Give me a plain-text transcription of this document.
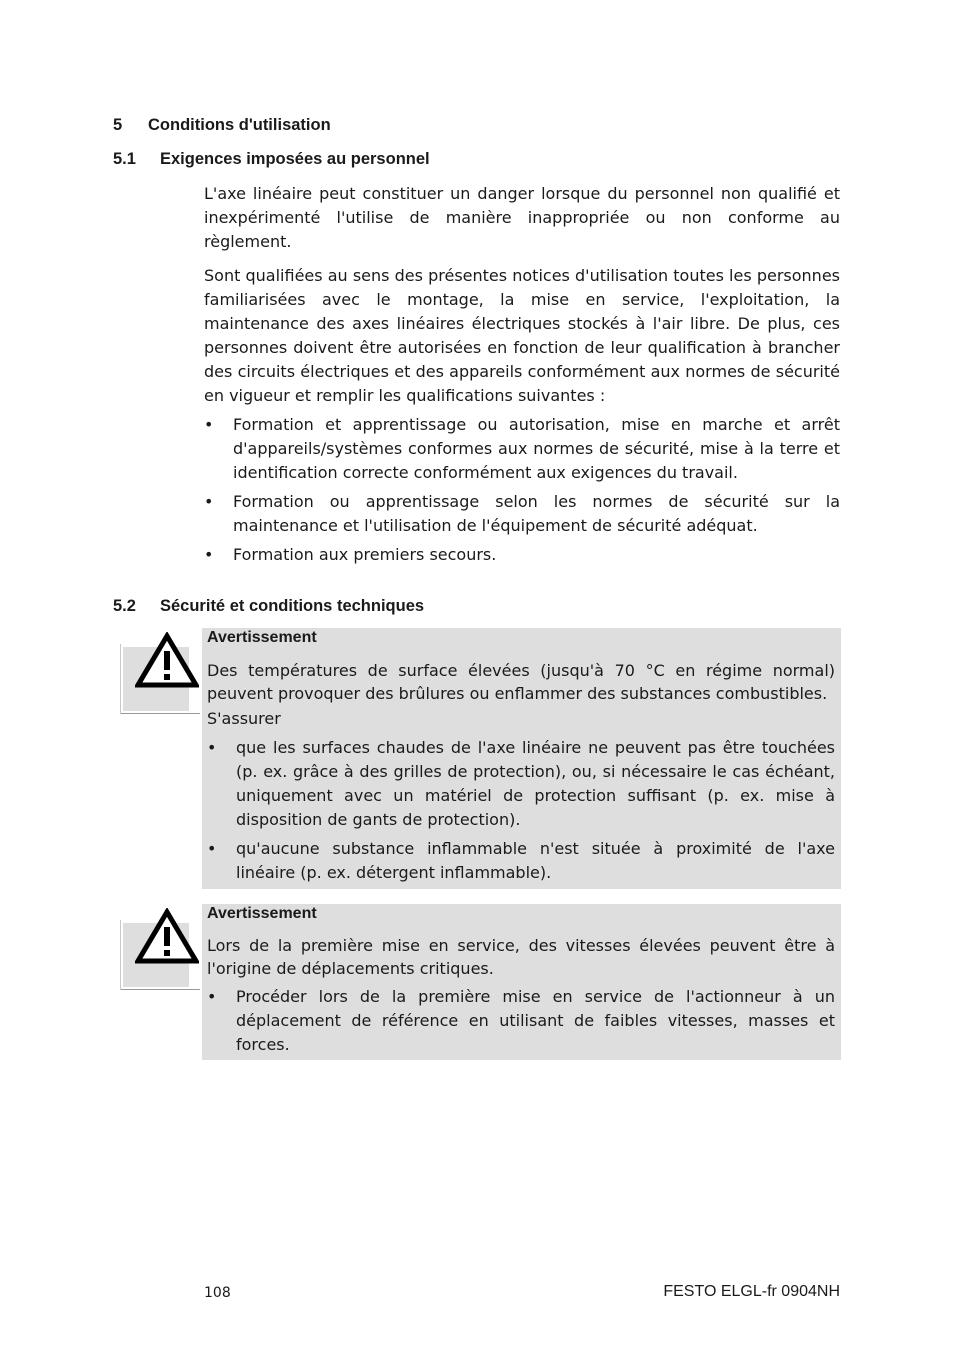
5 Conditions d'utilisation
5.1 Exigences imposées au personnel

L'axe linéaire peut constituer un danger lorsque du personnel non qualifié et inexpérimenté l'utilise de manière inappropriée ou non conforme au règlement.

Sont qualifiées au sens des présentes notices d'utilisation toutes les personnes familiarisées avec le montage, la mise en service, l'exploitation, la maintenance des axes linéaires électriques stockés à l'air libre. De plus, ces personnes doivent être autorisées en fonction de leur qualification à brancher des circuits électriques et des appareils conformément aux normes de sécurité en vigueur et remplir les qualifications suivantes :

• Formation et apprentissage ou autorisation, mise en marche et arrêt d'appareils/systèmes conformes aux normes de sécurité, mise à la terre et identification correcte conformément aux exigences du travail.
• Formation ou apprentissage selon les normes de sécurité sur la maintenance et l'utilisation de l'équipement de sécurité adéquat.
• Formation aux premiers secours.
5.2 Sécurité et conditions techniques
Avertissement

Des températures de surface élevées (jusqu'à 70 °C en régime normal) peuvent provoquer des brûlures ou enflammer des substances combustibles.

S'assurer

• que les surfaces chaudes de l'axe linéaire ne peuvent pas être touchées (p. ex. grâce à des grilles de protection), ou, si nécessaire le cas échéant, uniquement avec un matériel de protection suffisant (p. ex. mise à disposition de gants de protection).
• qu'aucune substance inflammable n'est située à proximité de l'axe linéaire (p. ex. détergent inflammable).
Avertissement

Lors de la première mise en service, des vitesses élevées peuvent être à l'origine de déplacements critiques.

• Procéder lors de la première mise en service de l'actionneur à un déplacement de référence en utilisant de faibles vitesses, masses et forces.
108	FESTO ELGL-fr 0904NH
